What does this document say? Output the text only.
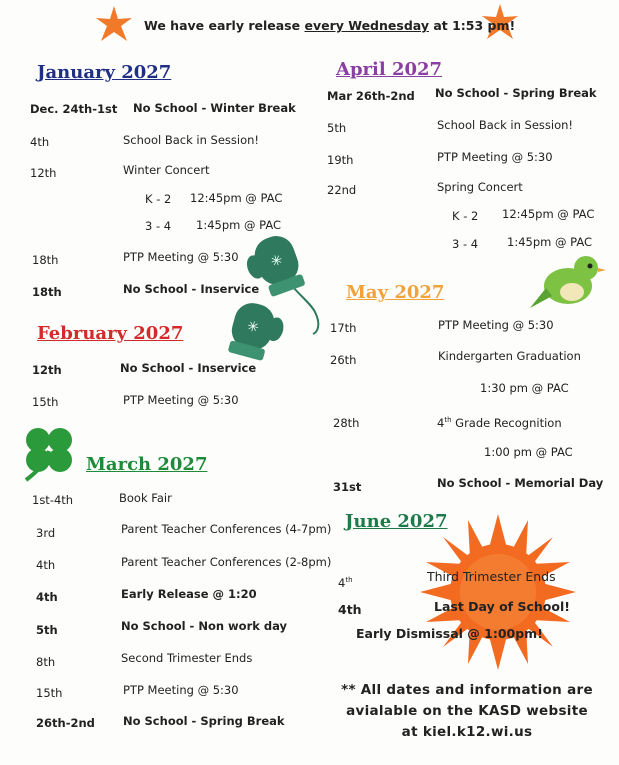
✳
✳
We have early release every Wednesday at 1:53 pm!
January 2027
Dec. 24th-1st No School - Winter Break
4th	School Back in Session!
12th	Winter Concert
K - 2 12:45pm @ PAC
3 - 4 1:45pm @ PAC
18th	PTP Meeting @ 5:30
18th	No School - Inservice
February 2027
12th	No School - Inservice
15th	PTP Meeting @ 5:30
March 2027
1st-4th	Book Fair
3rd	Parent Teacher Conferences (4-7pm)
4th	Parent Teacher Conferences (2-8pm)
4th	Early Release @ 1:20
5th	No School - Non work day
8th	Second Trimester Ends
15th	PTP Meeting @ 5:30
26th-2nd No School - Spring Break
April 2027
Mar 26th-2nd No School - Spring Break
5th	School Back in Session!
19th	PTP Meeting @ 5:30
22nd	Spring Concert
K - 2 12:45pm @ PAC
3 - 4	1:45pm @ PAC
May 2027
17th	PTP Meeting @ 5:30
26th	Kindergarten Graduation
1:30 pm @ PAC
28th	4th Grade Recognition
1:00 pm @ PAC
31st	No School - Memorial Day
June 2027
4th	Third Trimester Ends
4th	Last Day of School!
Early Dismissal @ 1:00pm!
** All dates and information are
avialable on the KASD website
at kiel.k12.wi.us
